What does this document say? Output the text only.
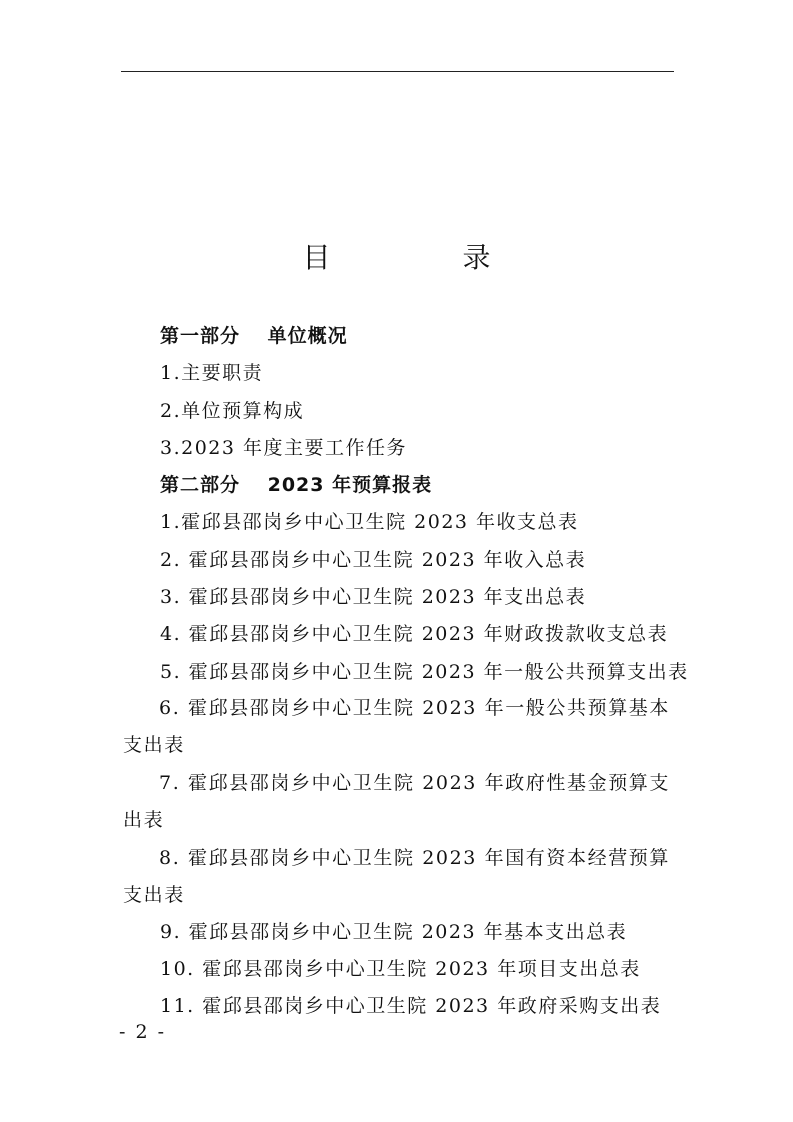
目　录
第一部分　 单位概况
1.主要职责
2.单位预算构成
3.2023 年度主要工作任务
第二部分　 2023 年预算报表
1.霍邱县邵岗乡中心卫生院 2023 年收支总表
2. 霍邱县邵岗乡中心卫生院 2023 年收入总表
3. 霍邱县邵岗乡中心卫生院 2023 年支出总表
4. 霍邱县邵岗乡中心卫生院 2023 年财政拨款收支总表
5. 霍邱县邵岗乡中心卫生院 2023 年一般公共预算支出表

6. 霍邱县邵岗乡中心卫生院 2023 年一般公共预算基本支出表

7. 霍邱县邵岗乡中心卫生院 2023 年政府性基金预算支出表

8. 霍邱县邵岗乡中心卫生院 2023 年国有资本经营预算支出表

9. 霍邱县邵岗乡中心卫生院 2023 年基本支出总表
10. 霍邱县邵岗乡中心卫生院 2023 年项目支出总表
11. 霍邱县邵岗乡中心卫生院 2023 年政府采购支出表
- 2 -
